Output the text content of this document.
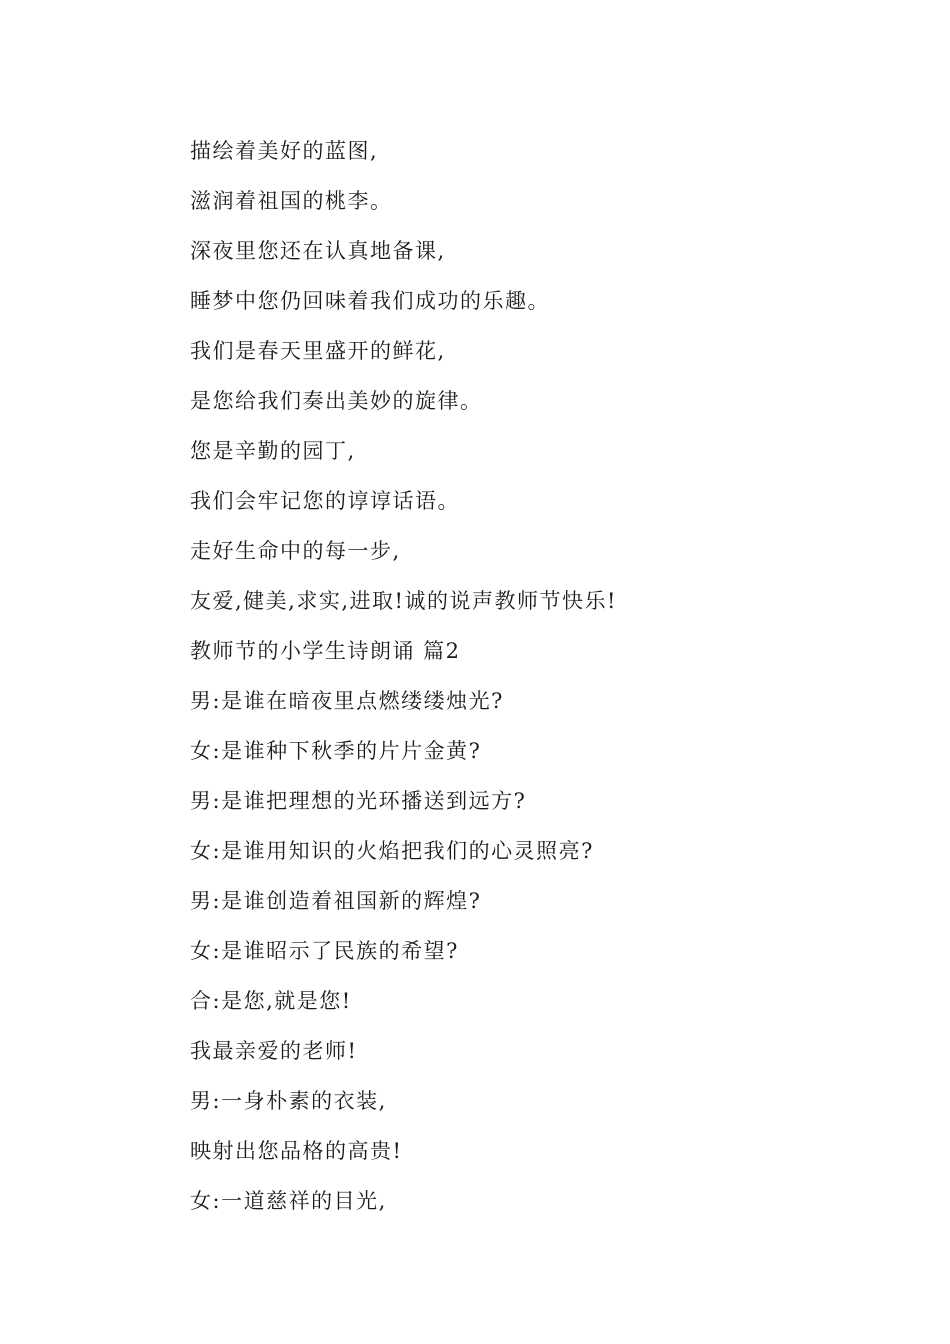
描绘着美好的蓝图,
滋润着祖国的桃李。
深夜里您还在认真地备课,
睡梦中您仍回味着我们成功的乐趣。
我们是春天里盛开的鲜花,
是您给我们奏出美妙的旋律。
您是辛勤的园丁,
我们会牢记您的谆谆话语。
走好生命中的每一步,
友爱,健美,求实,进取!诚的说声教师节快乐!
教师节的小学生诗朗诵 篇2
男:是谁在暗夜里点燃缕缕烛光?
女:是谁种下秋季的片片金黄?
男:是谁把理想的光环播送到远方?
女:是谁用知识的火焰把我们的心灵照亮?
男:是谁创造着祖国新的辉煌?
女:是谁昭示了民族的希望?
合:是您,就是您!
我最亲爱的老师!
男:一身朴素的衣装,
映射出您品格的高贵!
女:一道慈祥的目光,
